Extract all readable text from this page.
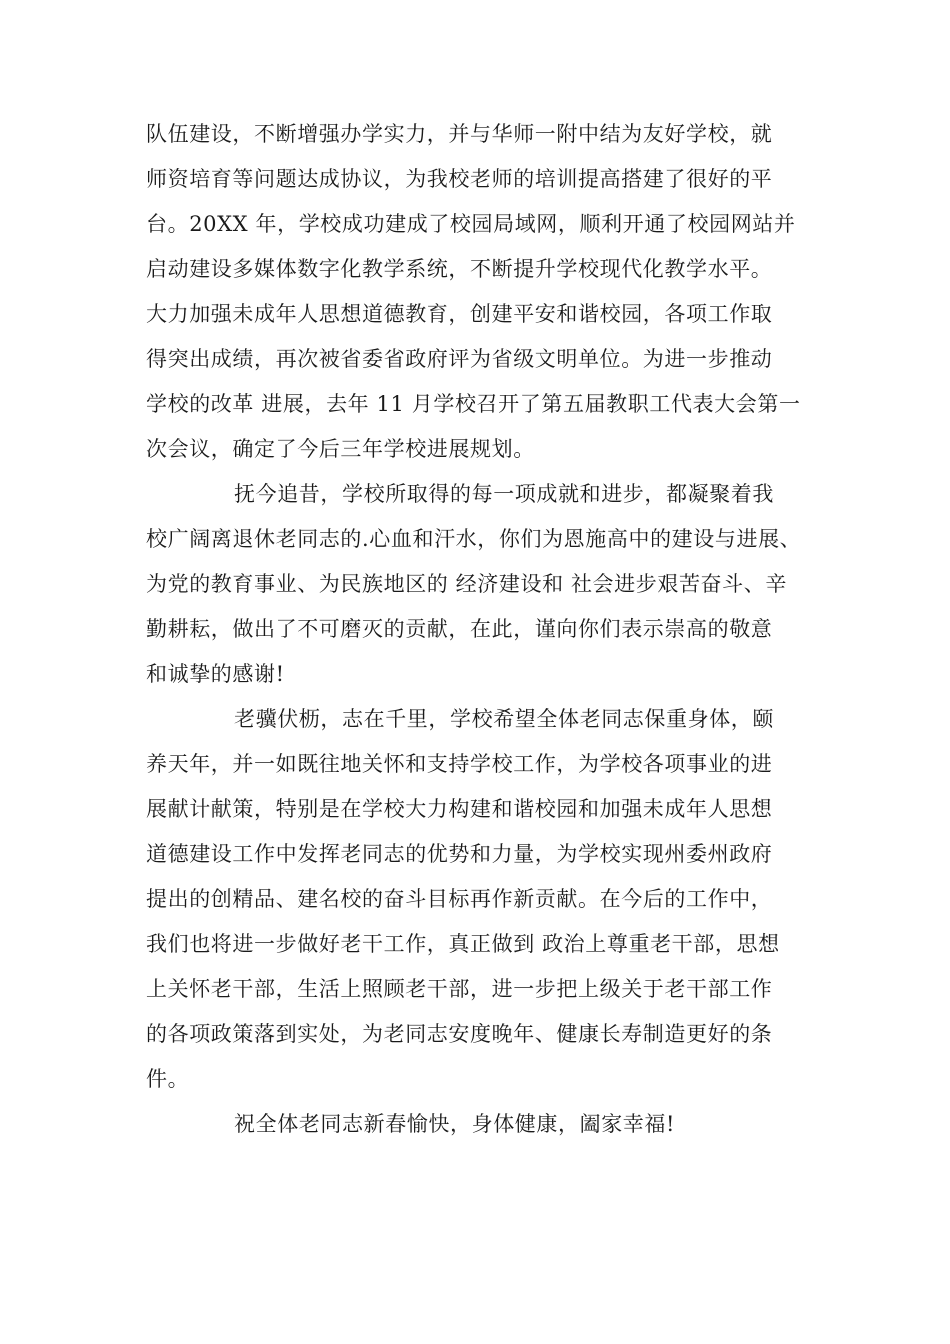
队伍建设，不断增强办学实力，并与华师一附中结为友好学校，就
师资培育等问题达成协议，为我校老师的培训提高搭建了很好的平
台。20XX 年，学校成功建成了校园局域网，顺利开通了校园网站并
启动建设多媒体数字化教学系统，不断提升学校现代化教学水平。
大力加强未成年人思想道德教育，创建平安和谐校园，各项工作取
得突出成绩，再次被省委省政府评为省级文明单位。为进一步推动
学校的改革 进展，去年 11 月学校召开了第五届教职工代表大会第一
次会议，确定了今后三年学校进展规划。

抚今追昔，学校所取得的每一项成就和进步，都凝聚着我
校广阔离退休老同志的.心血和汗水，你们为恩施高中的建设与进展、
为党的教育事业、为民族地区的 经济建设和 社会进步艰苦奋斗、辛
勤耕耘，做出了不可磨灭的贡献，在此，谨向你们表示崇高的敬意
和诚挚的感谢!

老骥伏枥，志在千里，学校希望全体老同志保重身体，颐
养天年，并一如既往地关怀和支持学校工作，为学校各项事业的进
展献计献策，特别是在学校大力构建和谐校园和加强未成年人思想
道德建设工作中发挥老同志的优势和力量，为学校实现州委州政府
提出的创精品、建名校的奋斗目标再作新贡献。在今后的工作中，
我们也将进一步做好老干工作，真正做到 政治上尊重老干部，思想
上关怀老干部，生活上照顾老干部，进一步把上级关于老干部工作
的各项政策落到实处，为老同志安度晚年、健康长寿制造更好的条
件。

祝全体老同志新春愉快，身体健康，阖家幸福!
